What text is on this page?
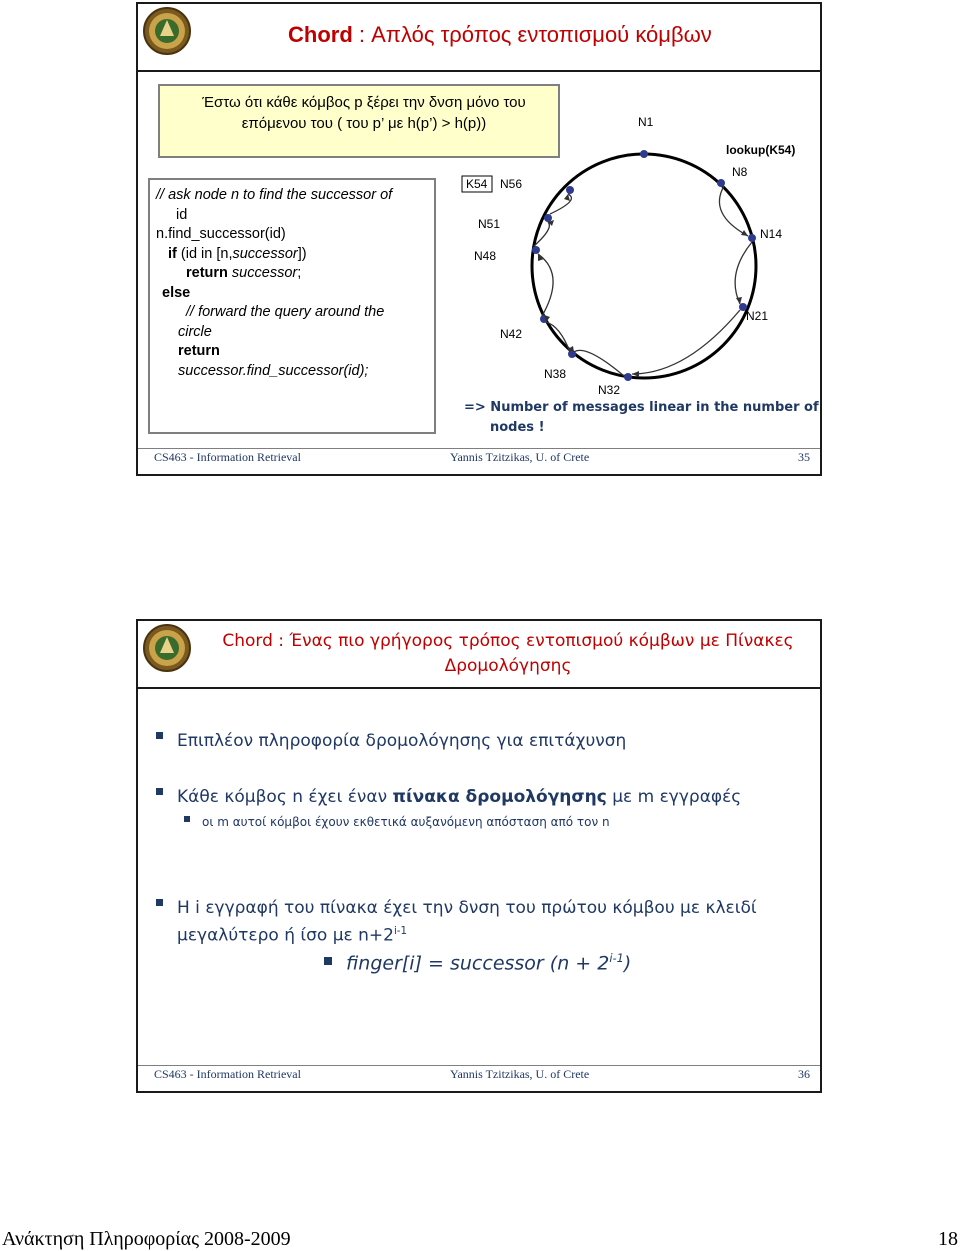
Chord : Απλός τρόπος εντοπισμού κόμβων
Έστω ότι κάθε κόμβος p ξέρει την δνση μόνο του
επόμενου του ( του p’ με h(p’) > h(p))
// ask node n to find the successor of
id
n.find_successor(id)
if (id in [n,successor])
return successor;
else
// forward the query around the
circle
return
successor.find_successor(id);
N1
N8
N14
N21
N32
N38
N42
N48
N51
N56
K54
lookup(K54)
=> Number of messages linear in the number of
nodes !
CS463 - Information Retrieval	Yannis Tzitzikas, U. of Crete	35
Chord : Ένας πιο γρήγορος τρόπος εντοπισμού κόμβων με Πίνακες
Δρομολόγησης
Επιπλέον πληροφορία δρομολόγησης για επιτάχυνση
Κάθε κόμβος n έχει έναν πίνακα δρομολόγησης με m εγγραφές
οι m αυτοί κόμβοι έχουν εκθετικά αυξανόμενη απόσταση από τον n
Η i εγγραφή του πίνακα έχει την δνση του πρώτου κόμβου με κλειδί
μεγαλύτερο ή ίσο με $n+2^{i-1}$
finger[i] = successor $(n + 2^{i-1})$
CS463 - Information Retrieval	Yannis Tzitzikas, U. of Crete	36
Ανάκτηση Πληροφορίας 2008-2009	18
